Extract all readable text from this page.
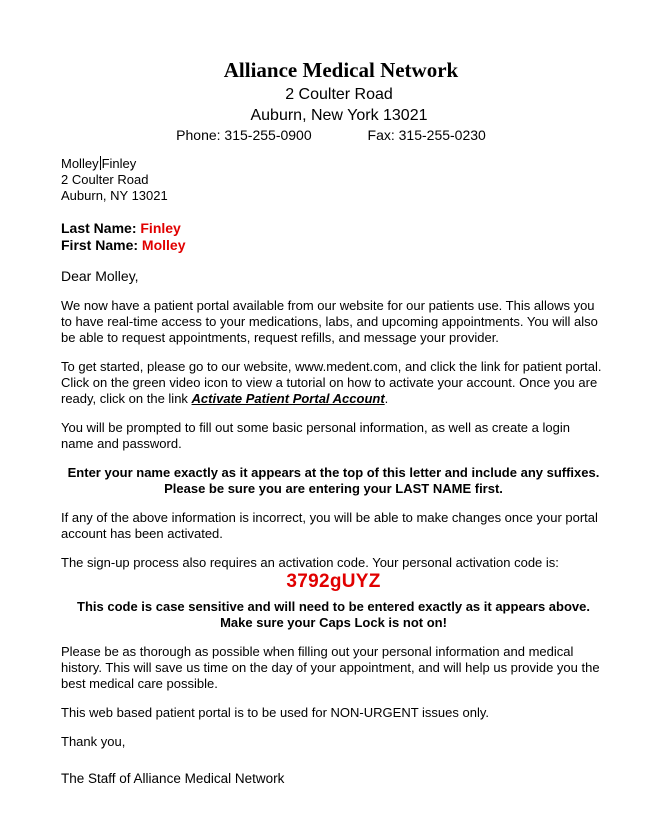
Alliance Medical Network
2 Coulter Road
Auburn, New York 13021
Phone: 315-255-0900	Fax: 315-255-0230
Molley Finley
2 Coulter Road
Auburn, NY 13021
Last Name: Finley
First Name: Molley

Dear Molley,

We now have a patient portal available from our website for our patients use. This allows you to have real-time access to your medications, labs, and upcoming appointments. You will also be able to request appointments, request refills, and message your provider.

To get started, please go to our website, www.medent.com, and click the link for patient portal. Click on the green video icon to view a tutorial on how to activate your account. Once you are ready, click on the link Activate Patient Portal Account.

You will be prompted to fill out some basic personal information, as well as create a login name and password.

Enter your name exactly as it appears at the top of this letter and include any suffixes.
Please be sure you are entering your LAST NAME first.

If any of the above information is incorrect, you will be able to make changes once your portal account has been activated.

The sign-up process also requires an activation code. Your personal activation code is:

3792gUYZ
This code is case sensitive and will need to be entered exactly as it appears above.
Make sure your Caps Lock is not on!

Please be as thorough as possible when filling out your personal information and medical history. This will save us time on the day of your appointment, and will help us provide you the best medical care possible.

This web based patient portal is to be used for NON-URGENT issues only.

Thank you,

The Staff of Alliance Medical Network
